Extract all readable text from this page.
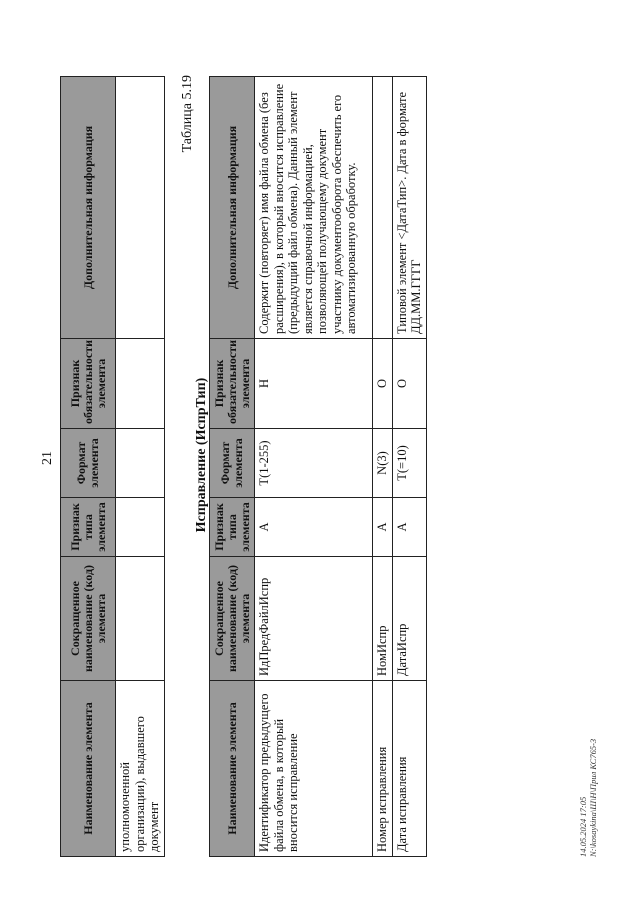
Наименование элемента	Сокращенное наименование (код) элемента	Признак типа элемента	Формат элемента	Признак обязательности элемента	Дополнительная информация
уполномоченной организации), выдавшего документ					
21
Таблица 5.19
Исправление (ИспрТип)
Наименование элемента	Сокращенное наименование (код) элемента	Признак типа элемента	Формат элемента	Признак обязательности элемента	Дополнительная информация
Идентификатор предыдущего файла обмена, в который вносится исправление	ИдПредФайлИспр	А	Т(1-255)	Н	Содержит (повторяет) имя файла обмена (без расширения), в который вносится исправление (предыдущий файл обмена). Данный элемент является справочной информацией, позволяющей получающему документ участнику документооборота обеспечить его автоматизированную обработку.
Номер исправления	НомИспр	А	N(3)	О	
Дата исправления	ДатаИспр	А	Т(=10)	О	Типовой элемент <ДатаТип>. Дата в формате ДД.ММ.ГГГГ
14.05.2024 17:05 N:\kosaykina\Ш\Н\Прил КС765-3
